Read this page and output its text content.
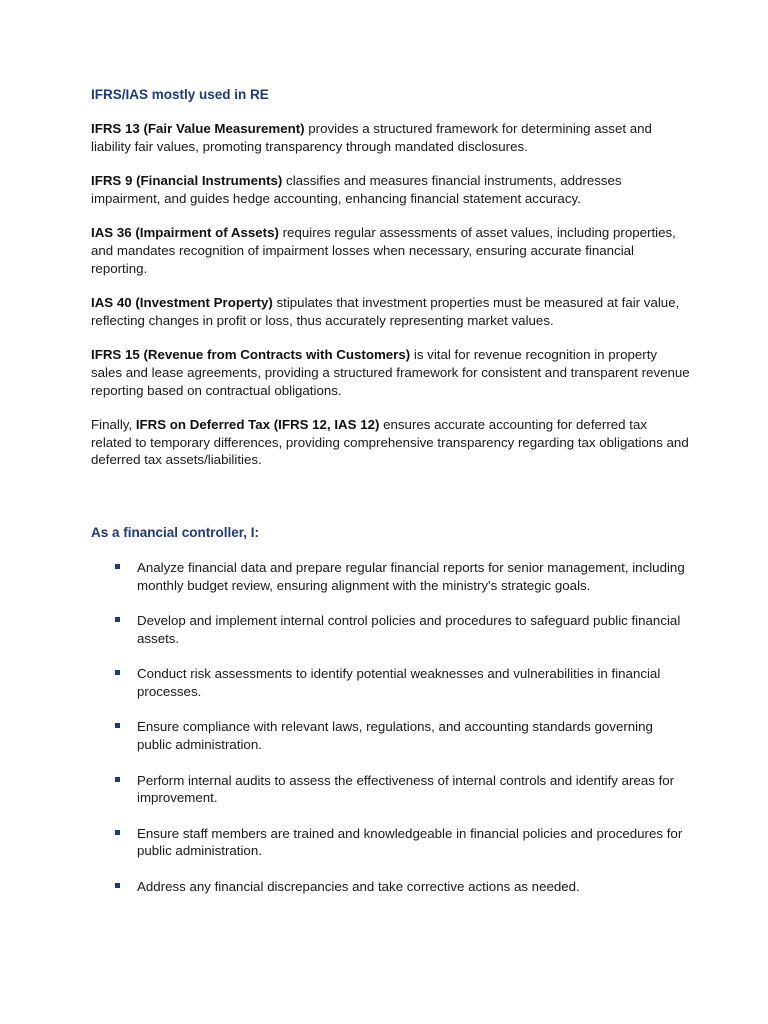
IFRS/IAS mostly used in RE

IFRS 13 (Fair Value Measurement) provides a structured framework for determining asset and liability fair values, promoting transparency through mandated disclosures.

IFRS 9 (Financial Instruments) classifies and measures financial instruments, addresses impairment, and guides hedge accounting, enhancing financial statement accuracy.

IAS 36 (Impairment of Assets) requires regular assessments of asset values, including properties, and mandates recognition of impairment losses when necessary, ensuring accurate financial reporting.

IAS 40 (Investment Property) stipulates that investment properties must be measured at fair value, reflecting changes in profit or loss, thus accurately representing market values.

IFRS 15 (Revenue from Contracts with Customers) is vital for revenue recognition in property sales and lease agreements, providing a structured framework for consistent and transparent revenue reporting based on contractual obligations.

Finally, IFRS on Deferred Tax (IFRS 12, IAS 12) ensures accurate accounting for deferred tax related to temporary differences, providing comprehensive transparency regarding tax obligations and deferred tax assets/liabilities.

As a financial controller, I:
Analyze financial data and prepare regular financial reports for senior management, including monthly budget review, ensuring alignment with the ministry's strategic goals.
Develop and implement internal control policies and procedures to safeguard public financial assets.
Conduct risk assessments to identify potential weaknesses and vulnerabilities in financial processes.
Ensure compliance with relevant laws, regulations, and accounting standards governing public administration.
Perform internal audits to assess the effectiveness of internal controls and identify areas for improvement.
Ensure staff members are trained and knowledgeable in financial policies and procedures for public administration.
Address any financial discrepancies and take corrective actions as needed.
